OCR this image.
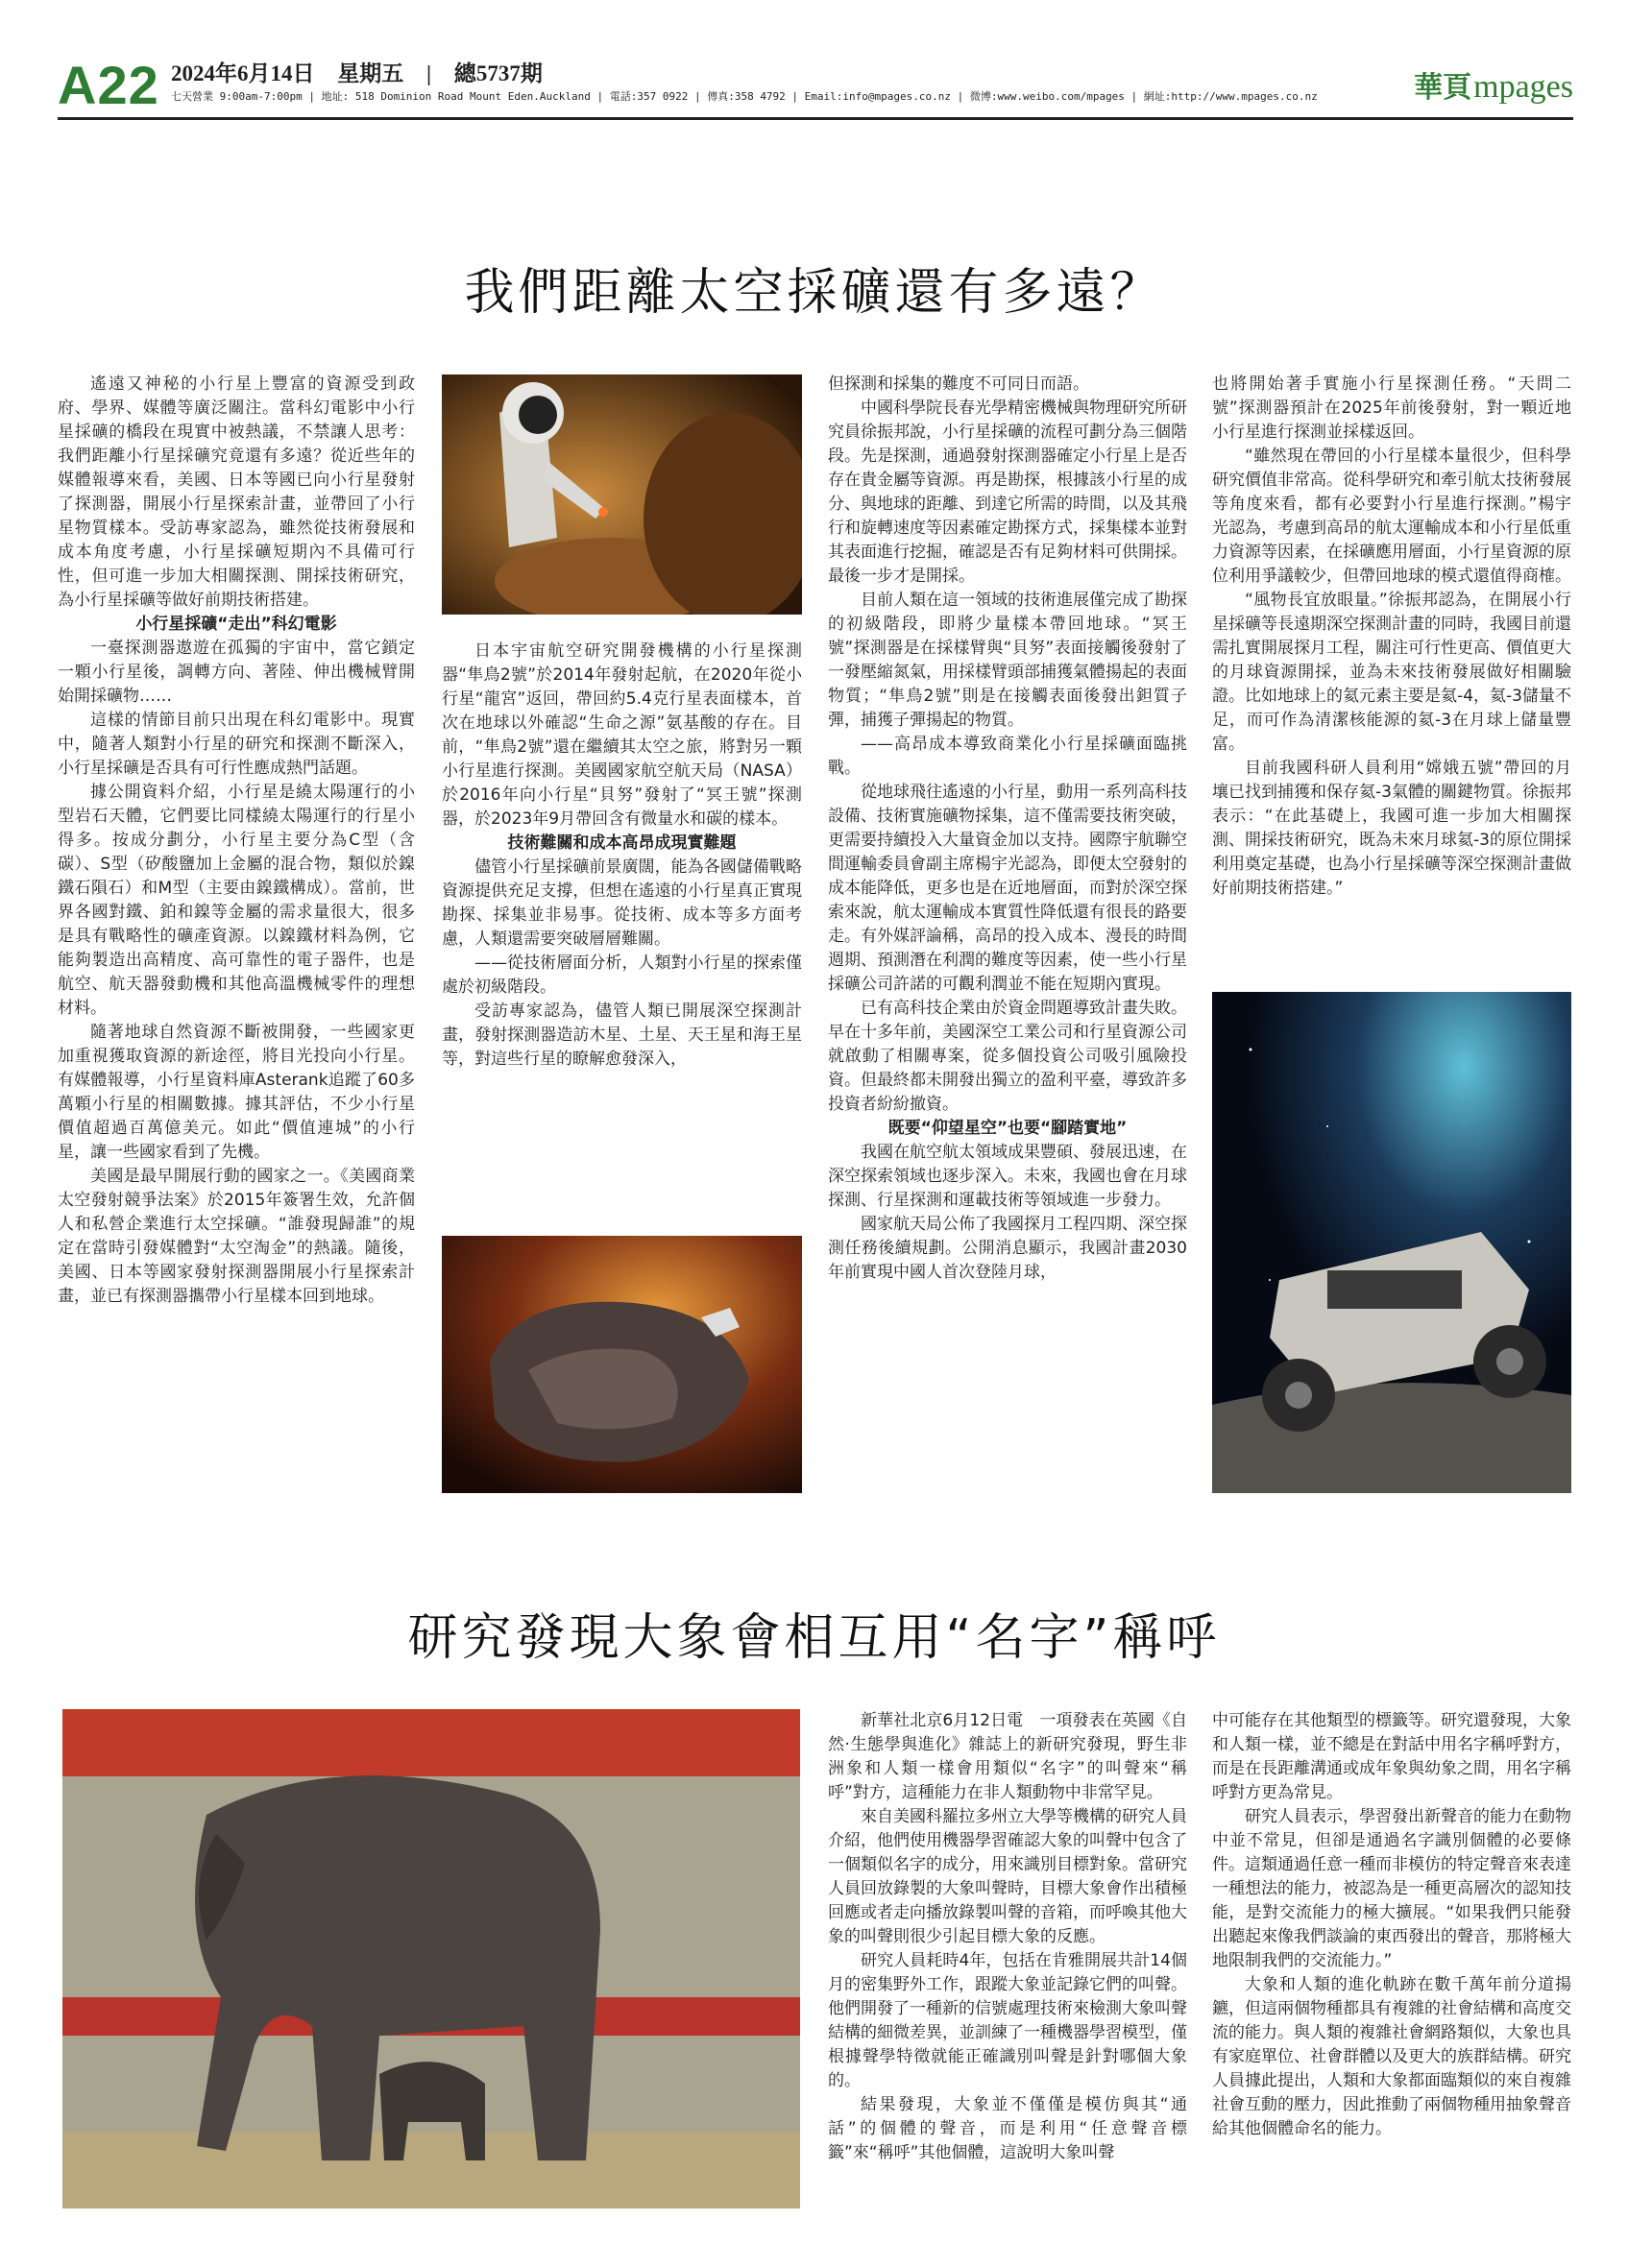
A22 2024年6月14日 星期五 | 總5737期
七天營業 9:00am-7:00pm | 地址: 518 Dominion Road Mount Eden.Auckland | 電話:357 0922 | 傳真:358 4792 | Email:info@mpages.co.nz | 微博:www.weibo.com/mpages | 網址:http://www.mpages.co.nz	華頁mpages
我們距離太空採礦還有多遠？

遙遠又神秘的小行星上豐富的資源受到政府、學界、媒體等廣泛關注。當科幻電影中小行星採礦的橋段在現實中被熱議，不禁讓人思考：我們距離小行星採礦究竟還有多遠？從近些年的媒體報導來看，美國、日本等國已向小行星發射了探測器，開展小行星探索計畫，並帶回了小行星物質樣本。受訪專家認為，雖然從技術發展和成本角度考慮，小行星採礦短期內不具備可行性，但可進一步加大相關探測、開採技術研究，為小行星採礦等做好前期技術搭建。

小行星採礦“走出”科幻電影

一臺探測器遨遊在孤獨的宇宙中，當它鎖定一顆小行星後，調轉方向、著陸、伸出機械臂開始開採礦物……

這樣的情節目前只出現在科幻電影中。現實中，隨著人類對小行星的研究和探測不斷深入，小行星採礦是否具有可行性應成熱門話題。

據公開資料介紹，小行星是繞太陽運行的小型岩石天體，它們要比同樣繞太陽運行的行星小得多。按成分劃分，小行星主要分為C型（含碳）、S型（矽酸鹽加上金屬的混合物，類似於鎳鐵石隕石）和M型（主要由鎳鐵構成）。當前，世界各國對鐵、鉑和鎳等金屬的需求量很大，很多是具有戰略性的礦產資源。以鎳鐵材料為例，它能夠製造出高精度、高可靠性的電子器件，也是航空、航天器發動機和其他高溫機械零件的理想材料。

隨著地球自然資源不斷被開發，一些國家更加重視獲取資源的新途徑，將目光投向小行星。有媒體報導，小行星資料庫Asterank追蹤了60多萬顆小行星的相關數據。據其評估，不少小行星價值超過百萬億美元。如此“價值連城”的小行星，讓一些國家看到了先機。

美國是最早開展行動的國家之一。《美國商業太空發射競爭法案》於2015年簽署生效，允許個人和私營企業進行太空採礦。“誰發現歸誰”的規定在當時引發媒體對“太空淘金”的熱議。隨後，美國、日本等國家發射探測器開展小行星探索計畫，並已有探測器攜帶小行星樣本回到地球。

日本宇宙航空研究開發機構的小行星探測器“隼鳥2號”於2014年發射起航，在2020年從小行星“龍宮”返回，帶回約5.4克行星表面樣本，首次在地球以外確認“生命之源”氨基酸的存在。目前，“隼鳥2號”還在繼續其太空之旅，將對另一顆小行星進行探測。美國國家航空航天局（NASA）於2016年向小行星“貝努”發射了“冥王號”探測器，於2023年9月帶回含有微量水和碳的樣本。

技術難關和成本高昂成現實難題

儘管小行星採礦前景廣闊，能為各國儲備戰略資源提供充足支撐，但想在遙遠的小行星真正實現勘探、採集並非易事。從技術、成本等多方面考慮，人類還需要突破層層難關。

——從技術層面分析，人類對小行星的探索僅處於初級階段。

受訪專家認為，儘管人類已開展深空探測計畫，發射探測器造訪木星、土星、天王星和海王星等，對這些行星的瞭解愈發深入，

但探測和採集的難度不可同日而語。

中國科學院長春光學精密機械與物理研究所研究員徐振邦說，小行星採礦的流程可劃分為三個階段。先是探測，通過發射探測器確定小行星上是否存在貴金屬等資源。再是勘探，根據該小行星的成分、與地球的距離、到達它所需的時間，以及其飛行和旋轉速度等因素確定勘探方式，採集樣本並對其表面進行挖掘，確認是否有足夠材料可供開採。最後一步才是開採。

目前人類在這一領域的技術進展僅完成了勘探的初級階段，即將少量樣本帶回地球。“冥王號”探測器是在採樣臂與“貝努”表面接觸後發射了一發壓縮氮氣，用採樣臂頭部捕獲氣體揚起的表面物質；“隼鳥2號”則是在接觸表面後發出鉭質子彈，捕獲子彈揚起的物質。

——高昂成本導致商業化小行星採礦面臨挑戰。

從地球飛往遙遠的小行星，動用一系列高科技設備、技術實施礦物採集，這不僅需要技術突破，更需要持續投入大量資金加以支持。國際宇航聯空間運輸委員會副主席楊宇光認為，即便太空發射的成本能降低，更多也是在近地層面，而對於深空探索來說，航太運輸成本實質性降低還有很長的路要走。有外媒評論稱，高昂的投入成本、漫長的時間週期、預測潛在利潤的難度等因素，使一些小行星採礦公司許諾的可觀利潤並不能在短期內實現。

已有高科技企業由於資金問題導致計畫失敗。早在十多年前，美國深空工業公司和行星資源公司就啟動了相關專案，從多個投資公司吸引風險投資。但最終都未開發出獨立的盈利平臺，導致許多投資者紛紛撤資。

既要“仰望星空”也要“腳踏實地”

我國在航空航太領域成果豐碩、發展迅速，在深空探索領域也逐步深入。未來，我國也會在月球探測、行星探測和運載技術等領域進一步發力。

國家航天局公佈了我國探月工程四期、深空探測任務後續規劃。公開消息顯示，我國計畫2030年前實現中國人首次登陸月球，

也將開始著手實施小行星探測任務。“天問二號”探測器預計在2025年前後發射，對一顆近地小行星進行探測並採樣返回。

“雖然現在帶回的小行星樣本量很少，但科學研究價值非常高。從科學研究和牽引航太技術發展等角度來看，都有必要對小行星進行探測。”楊宇光認為，考慮到高昂的航太運輸成本和小行星低重力資源等因素，在採礦應用層面，小行星資源的原位利用爭議較少，但帶回地球的模式還值得商榷。

“風物長宜放眼量。”徐振邦認為，在開展小行星採礦等長遠期深空探測計畫的同時，我國目前還需扎實開展探月工程，關注可行性更高、價值更大的月球資源開採，並為未來技術發展做好相關驗證。比如地球上的氦元素主要是氦-4，氦-3儲量不足，而可作為清潔核能源的氦-3在月球上儲量豐富。

目前我國科研人員利用“嫦娥五號”帶回的月壤已找到捕獲和保存氦-3氣體的關鍵物質。徐振邦表示：“在此基礎上，我國可進一步加大相關探測、開採技術研究，既為未來月球氦-3的原位開採利用奠定基礎，也為小行星採礦等深空探測計畫做好前期技術搭建。”

研究發現大象會相互用“名字”稱呼

新華社北京6月12日電　一項發表在英國《自然·生態學與進化》雜誌上的新研究發現，野生非洲象和人類一樣會用類似“名字”的叫聲來“稱呼”對方，這種能力在非人類動物中非常罕見。

來自美國科羅拉多州立大學等機構的研究人員介紹，他們使用機器學習確認大象的叫聲中包含了一個類似名字的成分，用來識別目標對象。當研究人員回放錄製的大象叫聲時，目標大象會作出積極回應或者走向播放錄製叫聲的音箱，而呼喚其他大象的叫聲則很少引起目標大象的反應。

研究人員耗時4年，包括在肯雅開展共計14個月的密集野外工作，跟蹤大象並記錄它們的叫聲。他們開發了一種新的信號處理技術來檢測大象叫聲結構的細微差異，並訓練了一種機器學習模型，僅根據聲學特徵就能正確識別叫聲是針對哪個大象的。

結果發現，大象並不僅僅是模仿與其“通話”的個體的聲音，而是利用“任意聲音標籤”來“稱呼”其他個體，這說明大象叫聲

中可能存在其他類型的標籤等。研究還發現，大象和人類一樣，並不總是在對話中用名字稱呼對方，而是在長距離溝通或成年象與幼象之間，用名字稱呼對方更為常見。

研究人員表示，學習發出新聲音的能力在動物中並不常見，但卻是通過名字識別個體的必要條件。這類通過任意一種而非模仿的特定聲音來表達一種想法的能力，被認為是一種更高層次的認知技能，是對交流能力的極大擴展。“如果我們只能發出聽起來像我們談論的東西發出的聲音，那將極大地限制我們的交流能力。”

大象和人類的進化軌跡在數千萬年前分道揚鑣，但這兩個物種都具有複雜的社會結構和高度交流的能力。與人類的複雜社會網路類似，大象也具有家庭單位、社會群體以及更大的族群結構。研究人員據此提出，人類和大象都面臨類似的來自複雜社會互動的壓力，因此推動了兩個物種用抽象聲音給其他個體命名的能力。
